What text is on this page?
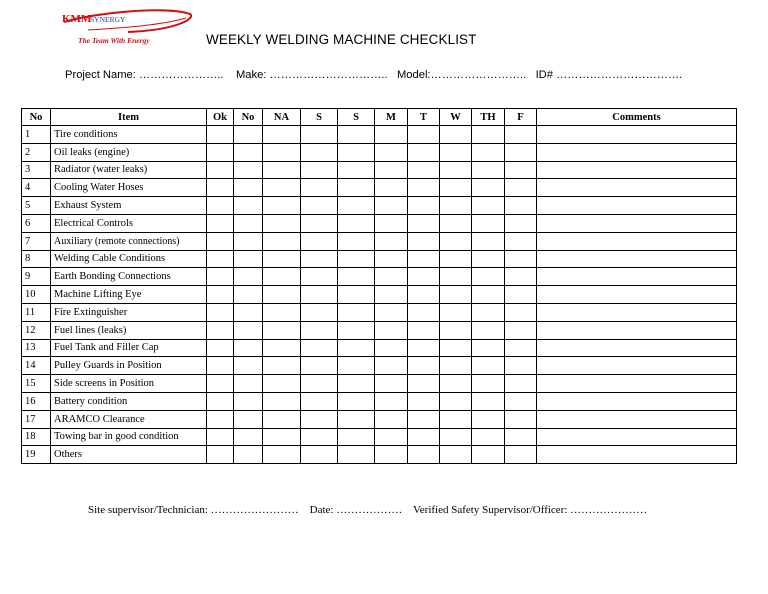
KMM
SYNERGY
The Team With Energy	WEEKLY WELDING MACHINE CHECKLIST
Project Name: ………………….. Make: ………………………….. Model:…………………….. ID# …………………………….
No	Item	Ok	No	NA	S	S	M	T	W	TH	F	Comments
1	Tire conditions											
2	Oil leaks (engine)											
3	Radiator (water leaks)											
4	Cooling Water Hoses											
5	Exhaust System											
6	Electrical Controls											
7	Auxiliary (remote connections)											
8	Welding Cable Conditions											
9	Earth Bonding Connections											
10	Machine Lifting Eye											
11	Fire Extinguisher											
12	Fuel lines (leaks)											
13	Fuel Tank and Filler Cap											
14	Pulley Guards in Position											
15	Side screens in Position											
16	Battery condition											
17	ARAMCO Clearance											
18	Towing bar in good condition											
19	Others											
Site supervisor/Technician: …………………… Date: ……………… Verified Safety Supervisor/Officer: …………………
